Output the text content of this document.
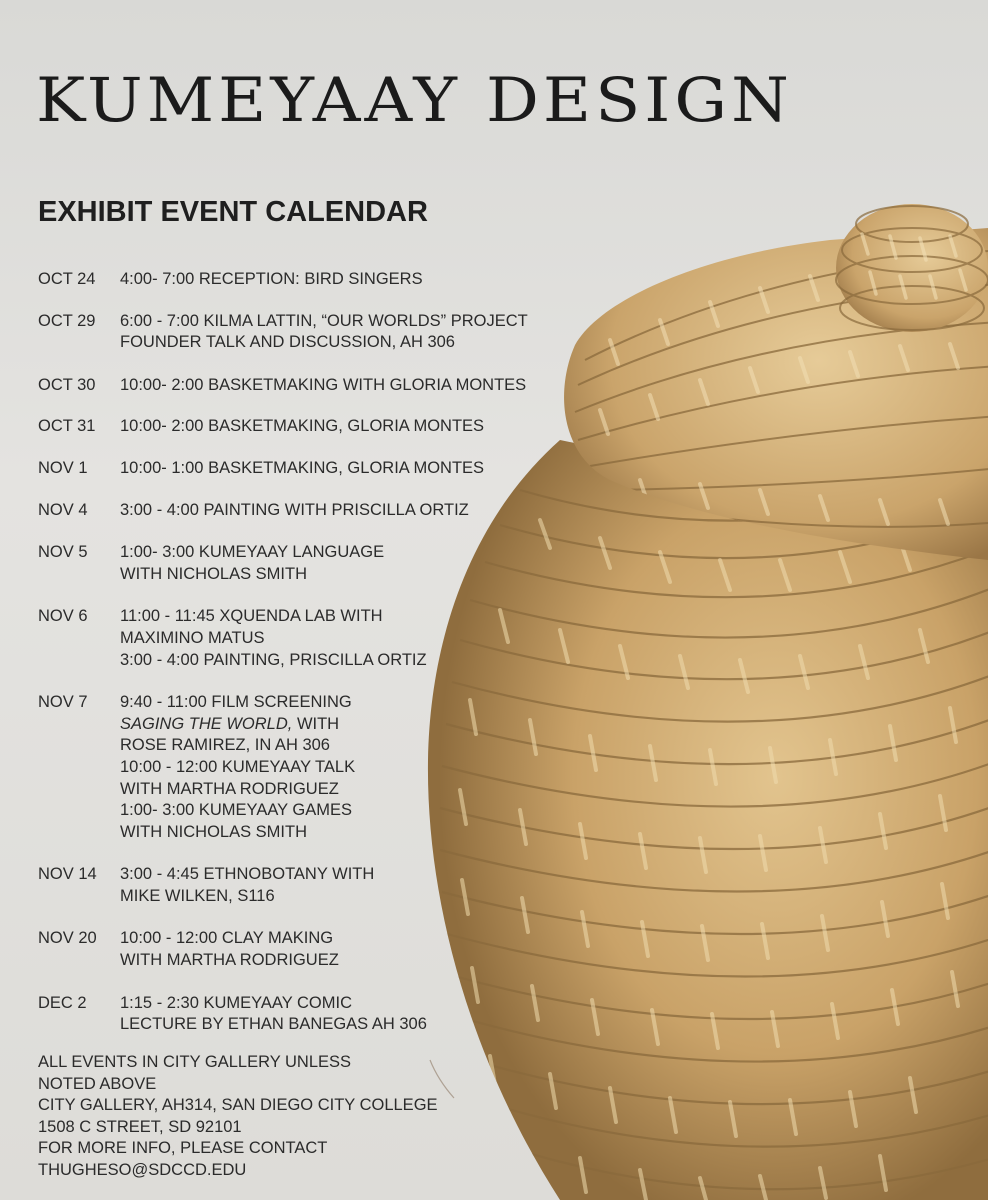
KUMEYAAY DESIGN
EXHIBIT EVENT CALENDAR
OCT 24	4:00- 7:00 RECEPTION: BIRD SINGERS
OCT 29	6:00 - 7:00 KILMA LATTIN, “OUR WORLDS” PROJECT
FOUNDER TALK AND DISCUSSION, AH 306
OCT 30	10:00- 2:00 BASKETMAKING WITH GLORIA MONTES
OCT 31	10:00- 2:00 BASKETMAKING, GLORIA MONTES
NOV 1	10:00- 1:00 BASKETMAKING, GLORIA MONTES
NOV 4	3:00 - 4:00 PAINTING WITH PRISCILLA ORTIZ
NOV 5	1:00- 3:00 KUMEYAAY LANGUAGE
WITH NICHOLAS SMITH
NOV 6	11:00 - 11:45 XQUENDA LAB WITH
MAXIMINO MATUS
3:00 - 4:00 PAINTING, PRISCILLA ORTIZ
NOV 7	9:40 - 11:00 FILM SCREENING
SAGING THE WORLD, WITH
ROSE RAMIREZ, IN AH 306
10:00 - 12:00 KUMEYAAY TALK
WITH MARTHA RODRIGUEZ
1:00- 3:00 KUMEYAAY GAMES
WITH NICHOLAS SMITH
NOV 14	3:00 - 4:45 ETHNOBOTANY WITH
MIKE WILKEN, S116
NOV 20	10:00 - 12:00 CLAY MAKING
WITH MARTHA RODRIGUEZ
DEC 2	1:15 - 2:30 KUMEYAAY COMIC
LECTURE BY ETHAN BANEGAS AH 306
ALL EVENTS IN CITY GALLERY UNLESS
NOTED ABOVE
CITY GALLERY, AH314, SAN DIEGO CITY COLLEGE
1508 C STREET, SD 92101
FOR MORE INFO, PLEASE CONTACT
THUGHESO@SDCCD.EDU
